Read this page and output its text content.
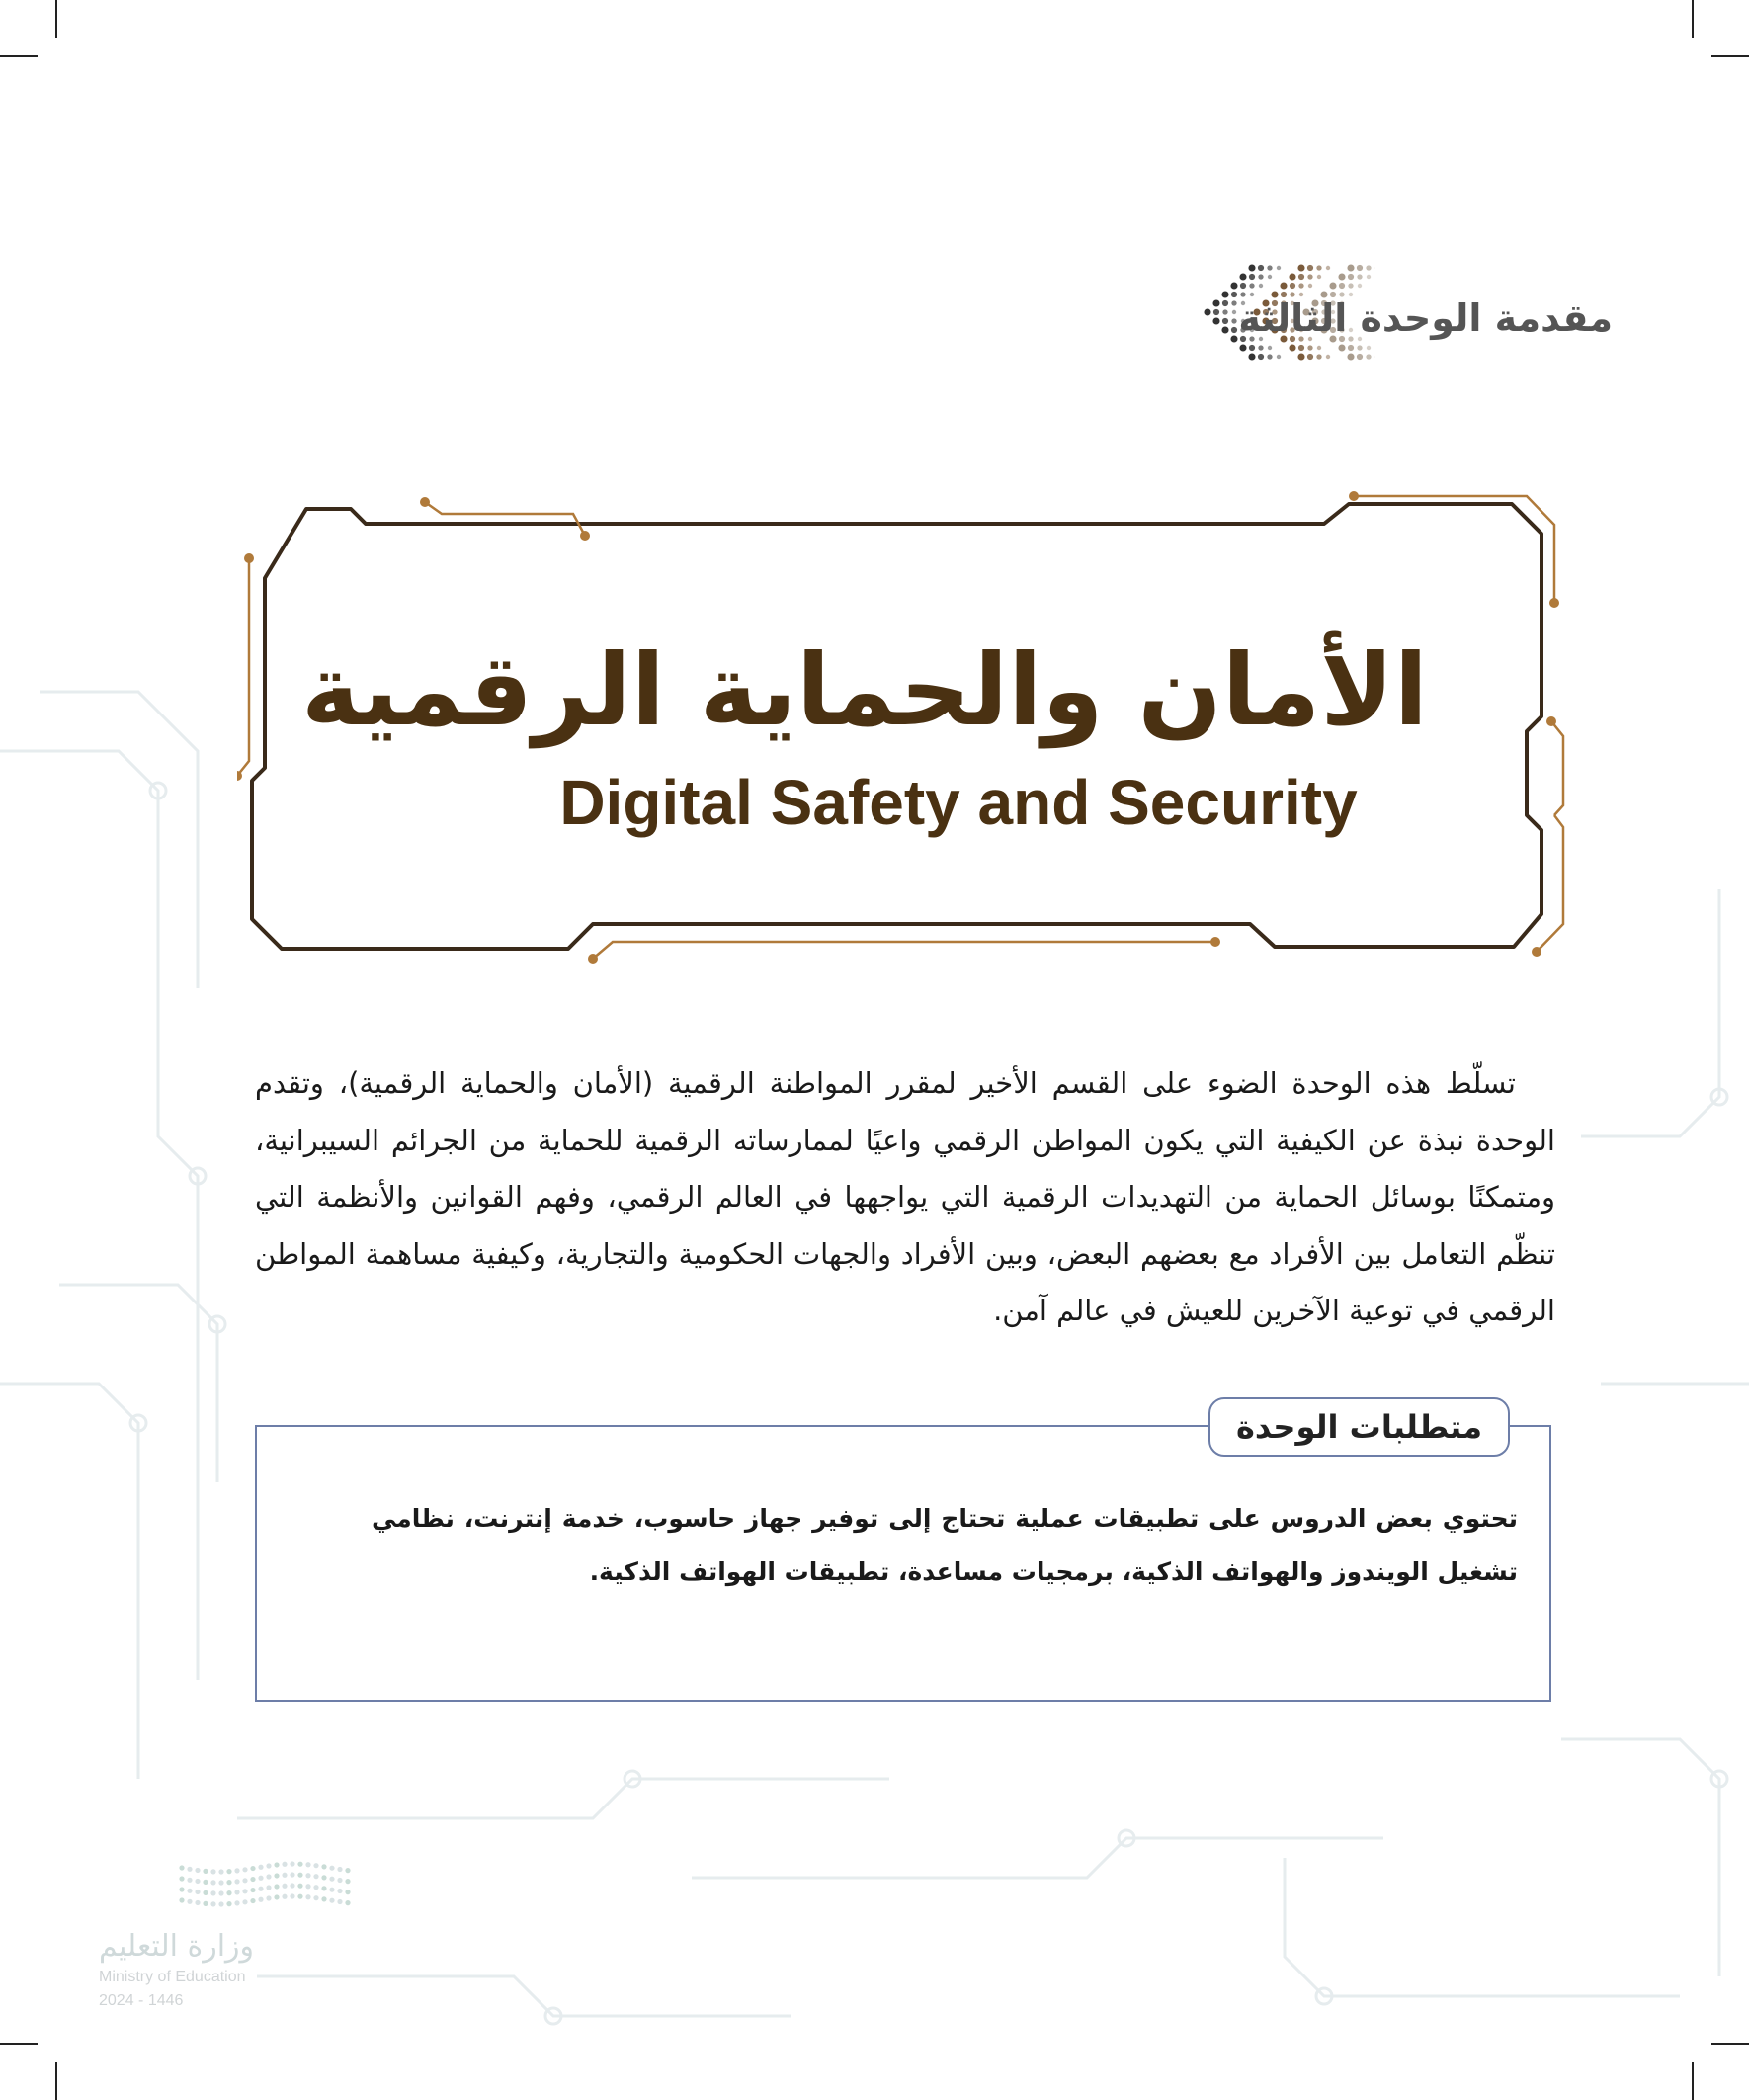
مقدمة الوحدة الثالثة
الأمان والحماية الرقمية
Digital Safety and Security
تسلّط هذه الوحدة الضوء على القسم الأخير لمقرر المواطنة الرقمية (الأمان والحماية الرقمية)، وتقدم الوحدة نبذة عن الكيفية التي يكون المواطن الرقمي واعيًا لممارساته الرقمية للحماية من الجرائم السيبرانية، ومتمكنًا بوسائل الحماية من التهديدات الرقمية التي يواجهها في العالم الرقمي، وفهم القوانين والأنظمة التي تنظّم التعامل بين الأفراد مع بعضهم البعض، وبين الأفراد والجهات الحكومية والتجارية، وكيفية مساهمة المواطن الرقمي في توعية الآخرين للعيش في عالم آمن.
متطلبات الوحدة
تحتوي بعض الدروس على تطبيقات عملية تحتاج إلى توفير جهاز حاسوب، خدمة إنترنت، نظامي تشغيل الويندوز والهواتف الذكية، برمجيات مساعدة، تطبيقات الهواتف الذكية.
وزارة التعليم
Ministry of Education
2024 - 1446
